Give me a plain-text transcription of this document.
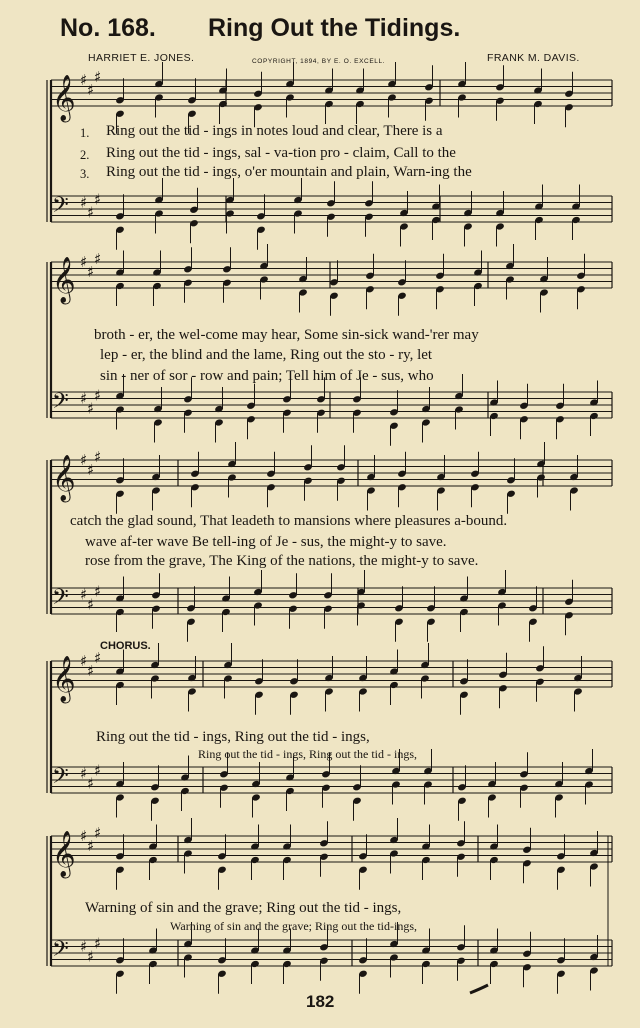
No. 168. Ring Out the Tidings.
HARRIET E. JONES.	COPYRIGHT, 1894, BY E. O. EXCELL.	FRANK M. DAVIS.
𝄞
𝄢
♯
♯
♯
♯
♯
♯
𝄞
𝄢
♯
♯
♯
♯
♯
♯
𝄞
𝄢
♯
♯
♯
♯
♯
♯
𝄞
𝄢
♯
♯
♯
♯
♯
♯
𝄞
𝄢
♯
♯
♯
♯
♯
♯
1. Ring out the tid - ings in notes loud and clear, There is a
2. Ring out the tid - ings, sal - va-tion pro - claim, Call to the
3. Ring out the tid - ings, o'er mountain and plain, Warn-ing the
broth - er, the wel-come may hear, Some sin-sick wand-'rer may
lep - er, the blind and the lame, Ring out the sto - ry, let
sin - ner of sor - row and pain; Tell him of Je - sus, who
catch the glad sound, That leadeth to mansions where pleasures a-bound.
wave af-ter wave Be tell-ing of Je - sus, the might-y to save.
rose from the grave, The King of the nations, the might-y to save.
CHORUS.
Ring out the tid - ings, Ring out the tid - ings,
Ring out the tid - ings, Ring out the tid - ings,
Warning of sin and the grave; Ring out the tid - ings,
Warning of sin and the grave; Ring out the tid-ings,
182
